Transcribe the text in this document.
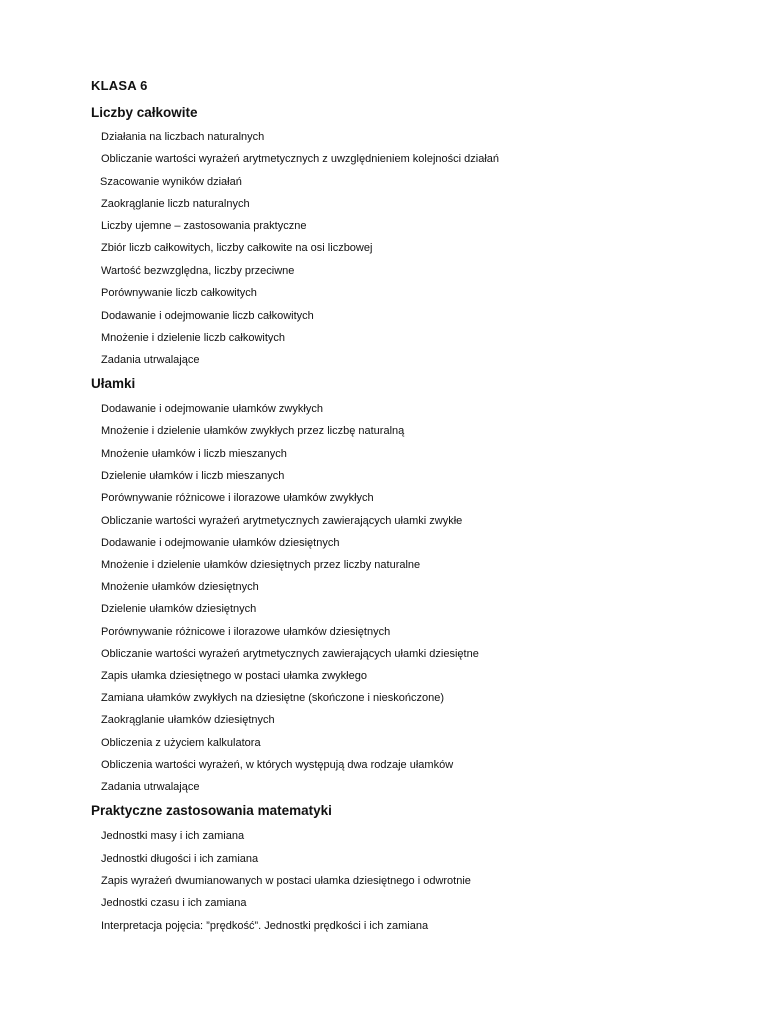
KLASA 6
Liczby całkowite
Działania na liczbach naturalnych
Obliczanie wartości wyrażeń arytmetycznych z uwzględnieniem kolejności działań
Szacowanie wyników działań
Zaokrąglanie liczb naturalnych
Liczby ujemne – zastosowania praktyczne
Zbiór liczb całkowitych, liczby całkowite na osi liczbowej
Wartość bezwzględna, liczby przeciwne
Porównywanie liczb całkowitych
Dodawanie i odejmowanie liczb całkowitych
Mnożenie i dzielenie liczb całkowitych
Zadania utrwalające
Ułamki
Dodawanie i odejmowanie ułamków zwykłych
Mnożenie i dzielenie ułamków zwykłych przez liczbę naturalną
Mnożenie ułamków i liczb mieszanych
Dzielenie ułamków i liczb mieszanych
Porównywanie różnicowe i ilorazowe ułamków zwykłych
Obliczanie wartości wyrażeń arytmetycznych zawierających ułamki zwykłe
Dodawanie i odejmowanie ułamków dziesiętnych
Mnożenie i dzielenie ułamków dziesiętnych przez liczby naturalne
Mnożenie ułamków dziesiętnych
Dzielenie ułamków dziesiętnych
Porównywanie różnicowe i ilorazowe ułamków dziesiętnych
Obliczanie wartości wyrażeń arytmetycznych zawierających ułamki dziesiętne
Zapis ułamka dziesiętnego w postaci ułamka zwykłego
Zamiana ułamków zwykłych na dziesiętne (skończone i nieskończone)
Zaokrąglanie ułamków dziesiętnych
Obliczenia z użyciem kalkulatora
Obliczenia wartości wyrażeń, w których występują dwa rodzaje ułamków
Zadania utrwalające
Praktyczne zastosowania matematyki
Jednostki masy i ich zamiana
Jednostki długości i ich zamiana
Zapis wyrażeń dwumianowanych w postaci ułamka dziesiętnego i odwrotnie
Jednostki czasu i ich zamiana
Interpretacja pojęcia: ”prędkość”. Jednostki prędkości i ich zamiana
